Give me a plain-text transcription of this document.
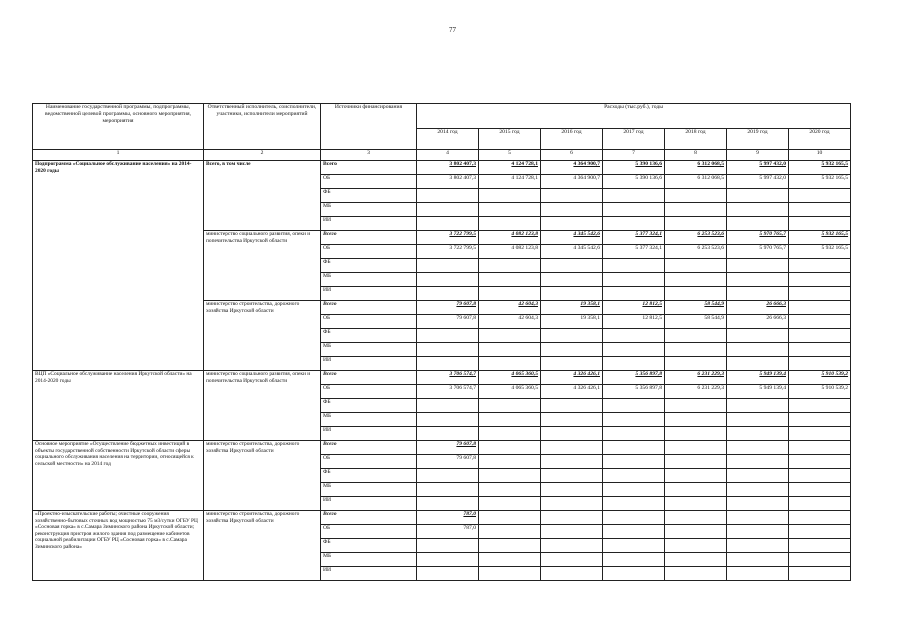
77
Наименование государственной программы, подпрограммы, ведомственной целевой программы, основного мероприятия, мероприятия	Ответственный исполнитель, соисполнители, участники, исполнители мероприятий	Источники финансирования	Расходы (тыс.руб.), годы						
			2014 год	2015 год	2016 год	2017 год	2018 год	2019 год	2020 год
1	2	3	4	5	6	7	8	9	10
Подпрограмма «Социальное обслуживание населения» на 2014-2020 годы	Всего, в том числе	Всего	3 802 407,3	4 124 728,1	4 364 900,7	5 390 136,6	6 312 068,5	5 997 432,0	5 932 165,5
		ОБ	3 802 407,3	4 124 728,1	4 364 900,7	5 390 136,6	6 312 068,5	5 997 432,0	5 932 165,5
		ФБ							
		МБ							
		ИИ							
	министерство социального развития, опеки и попечительства Иркутской области	Всего	3 722 799,5	4 082 123,8	4 345 542,6	5 377 324,1	6 253 523,6	5 970 765,7	5 932 165,5
		ОБ	3 722 799,5	4 082 123,8	4 345 542,6	5 377 324,1	6 253 523,6	5 970 765,7	5 932 165,5
		ФБ							
		МБ							
		ИИ							
	министерство строительства, дорожного хозяйства Иркутской области	Всего	79 607,8	42 604,3	19 358,1	12 812,5	58 544,9	26 666,3	
		ОБ	79 607,8	42 604,3	19 358,1	12 812,5	58 544,9	26 666,3	
		ФБ							
		МБ							
		ИИ							
ВЦП «Социальное обслуживание населения Иркутской области» на 2014-2020 годы	министерство социального развития, опеки и попечительства Иркутской области	Всего	3 706 574,7	4 065 360,5	4 326 426,1	5 356 897,8	6 231 229,3	5 949 139,4	5 910 539,2
		ОБ	3 706 574,7	4 065 360,5	4 326 426,1	5 356 897,8	6 231 229,3	5 949 139,4	5 910 539,2
		ФБ							
		МБ							
		ИИ							
Основное мероприятие «Осуществление бюджетных инвестиций в объекты государственной собственности Иркутской области сферы социального обслуживания населения на территории, относящейся к сельской местности» на 2014 год	министерство строительства, дорожного хозяйства Иркутской области	Всего	79 607,8						
		ОБ	79 607,8						
		ФБ							
		МБ							
		ИИ							
«Проектно-изыскательские работы; очистные сооружения хозяйственно-бытовых сточных вод мощностью 75 м3/сутки ОГБУ РЦ «Сосновая горка» в с.Самара Зиминского района Иркутской области; реконструкция пристроя жилого здания под размещение кабинетов социальной реабилитации ОГБУ РЦ «Сосновая горка» в с.Самара Зиминского района»	министерство строительства, дорожного хозяйства Иркутской области	Всего	787,0						
		ОБ	787,0						
		ФБ							
		МБ							
		ИИ							
